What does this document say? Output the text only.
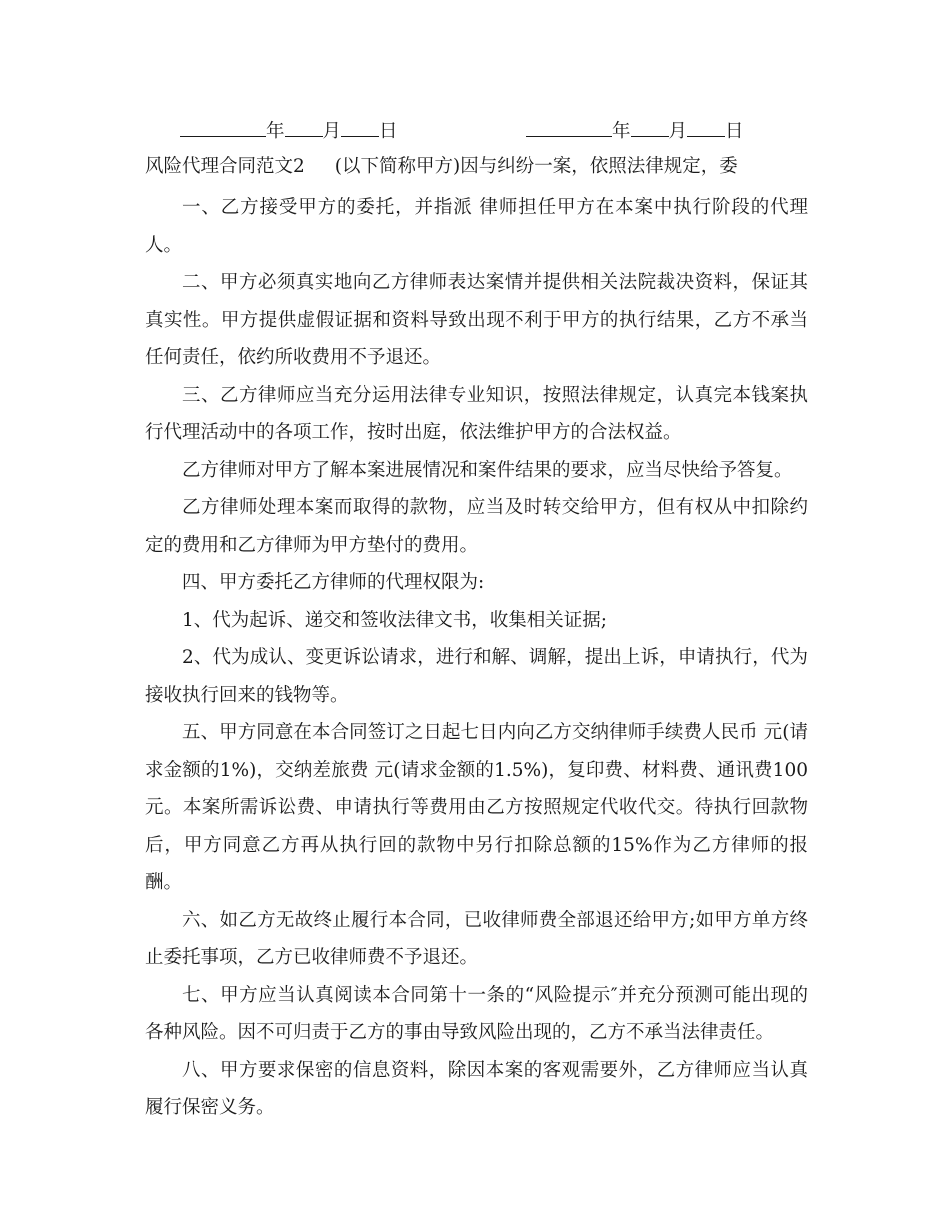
年 月 日	年 月 日
风险代理合同范文2 (以下简称甲方)因与纠纷一案，依照法律规定，委

一、乙方接受甲方的委托，并指派 律师担任甲方在本案中执行阶段的代理人。

二、甲方必须真实地向乙方律师表达案情并提供相关法院裁决资料，保证其真实性。甲方提供虚假证据和资料导致出现不利于甲方的执行结果，乙方不承当任何责任，依约所收费用不予退还。

三、乙方律师应当充分运用法律专业知识，按照法律规定，认真完本钱案执行代理活动中的各项工作，按时出庭，依法维护甲方的合法权益。

乙方律师对甲方了解本案进展情况和案件结果的要求，应当尽快给予答复。

乙方律师处理本案而取得的款物，应当及时转交给甲方，但有权从中扣除约定的费用和乙方律师为甲方垫付的费用。

四、甲方委托乙方律师的代理权限为:

1、代为起诉、递交和签收法律文书，收集相关证据;

2、代为成认、变更诉讼请求，进行和解、调解，提出上诉，申请执行，代为接收执行回来的钱物等。

五、甲方同意在本合同签订之日起七日内向乙方交纳律师手续费人民币 元(请求金额的1%)，交纳差旅费 元(请求金额的1.5%)，复印费、材料费、通讯费100元。本案所需诉讼费、申请执行等费用由乙方按照规定代收代交。待执行回款物后，甲方同意乙方再从执行回的款物中另行扣除总额的15%作为乙方律师的报酬。

六、如乙方无故终止履行本合同，已收律师费全部退还给甲方;如甲方单方终止委托事项，乙方已收律师费不予退还。

七、甲方应当认真阅读本合同第十一条的“风险提示″并充分预测可能出现的各种风险。因不可归责于乙方的事由导致风险出现的，乙方不承当法律责任。

八、甲方要求保密的信息资料，除因本案的客观需要外，乙方律师应当认真履行保密义务。
